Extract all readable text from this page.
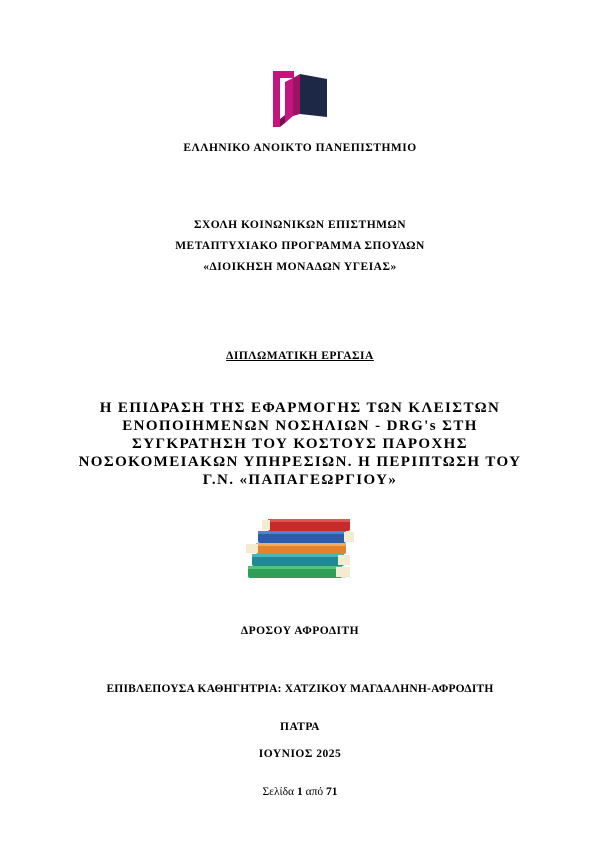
ΕΛΛΗΝΙΚΟ ΑΝΟΙΚΤΟ ΠΑΝΕΠΙΣΤΗΜΙΟ
ΣΧΟΛΗ ΚΟΙΝΩΝΙΚΩΝ ΕΠΙΣΤΗΜΩΝ
ΜΕΤΑΠΤΥΧΙΑΚΟ ΠΡΟΓΡΑΜΜΑ ΣΠΟΥΔΩΝ
«ΔΙΟΙΚΗΣΗ ΜΟΝΑΔΩΝ ΥΓΕΙΑΣ»
ΔΙΠΛΩΜΑΤΙΚΗ ΕΡΓΑΣΙΑ
Η ΕΠΙΔΡΑΣΗ ΤΗΣ ΕΦΑΡΜΟΓΗΣ ΤΩΝ ΚΛΕΙΣΤΩΝ
ΕΝΟΠΟΙΗΜΕΝΩΝ ΝΟΣΗΛΙΩΝ - DRG's ΣΤΗ
ΣΥΓΚΡΑΤΗΣΗ ΤΟΥ ΚΟΣΤΟΥΣ ΠΑΡΟΧΗΣ
ΝΟΣΟΚΟΜΕΙΑΚΩΝ ΥΠΗΡΕΣΙΩΝ. Η ΠΕΡΙΠΤΩΣΗ ΤΟΥ
Γ.Ν. «ΠΑΠΑΓΕΩΡΓΙΟΥ»
ΔΡΟΣΟΥ ΑΦΡΟΔΙΤΗ
ΕΠΙΒΛΕΠΟΥΣΑ ΚΑΘΗΓΗΤΡΙΑ: ΧΑΤΖΙΚΟΥ ΜΑΓΔΑΛΗΝΗ-ΑΦΡΟΔΙΤΗ
ΠΑΤΡΑ
ΙΟΥΝΙΟΣ 2025
Σελίδα 1 από 71
